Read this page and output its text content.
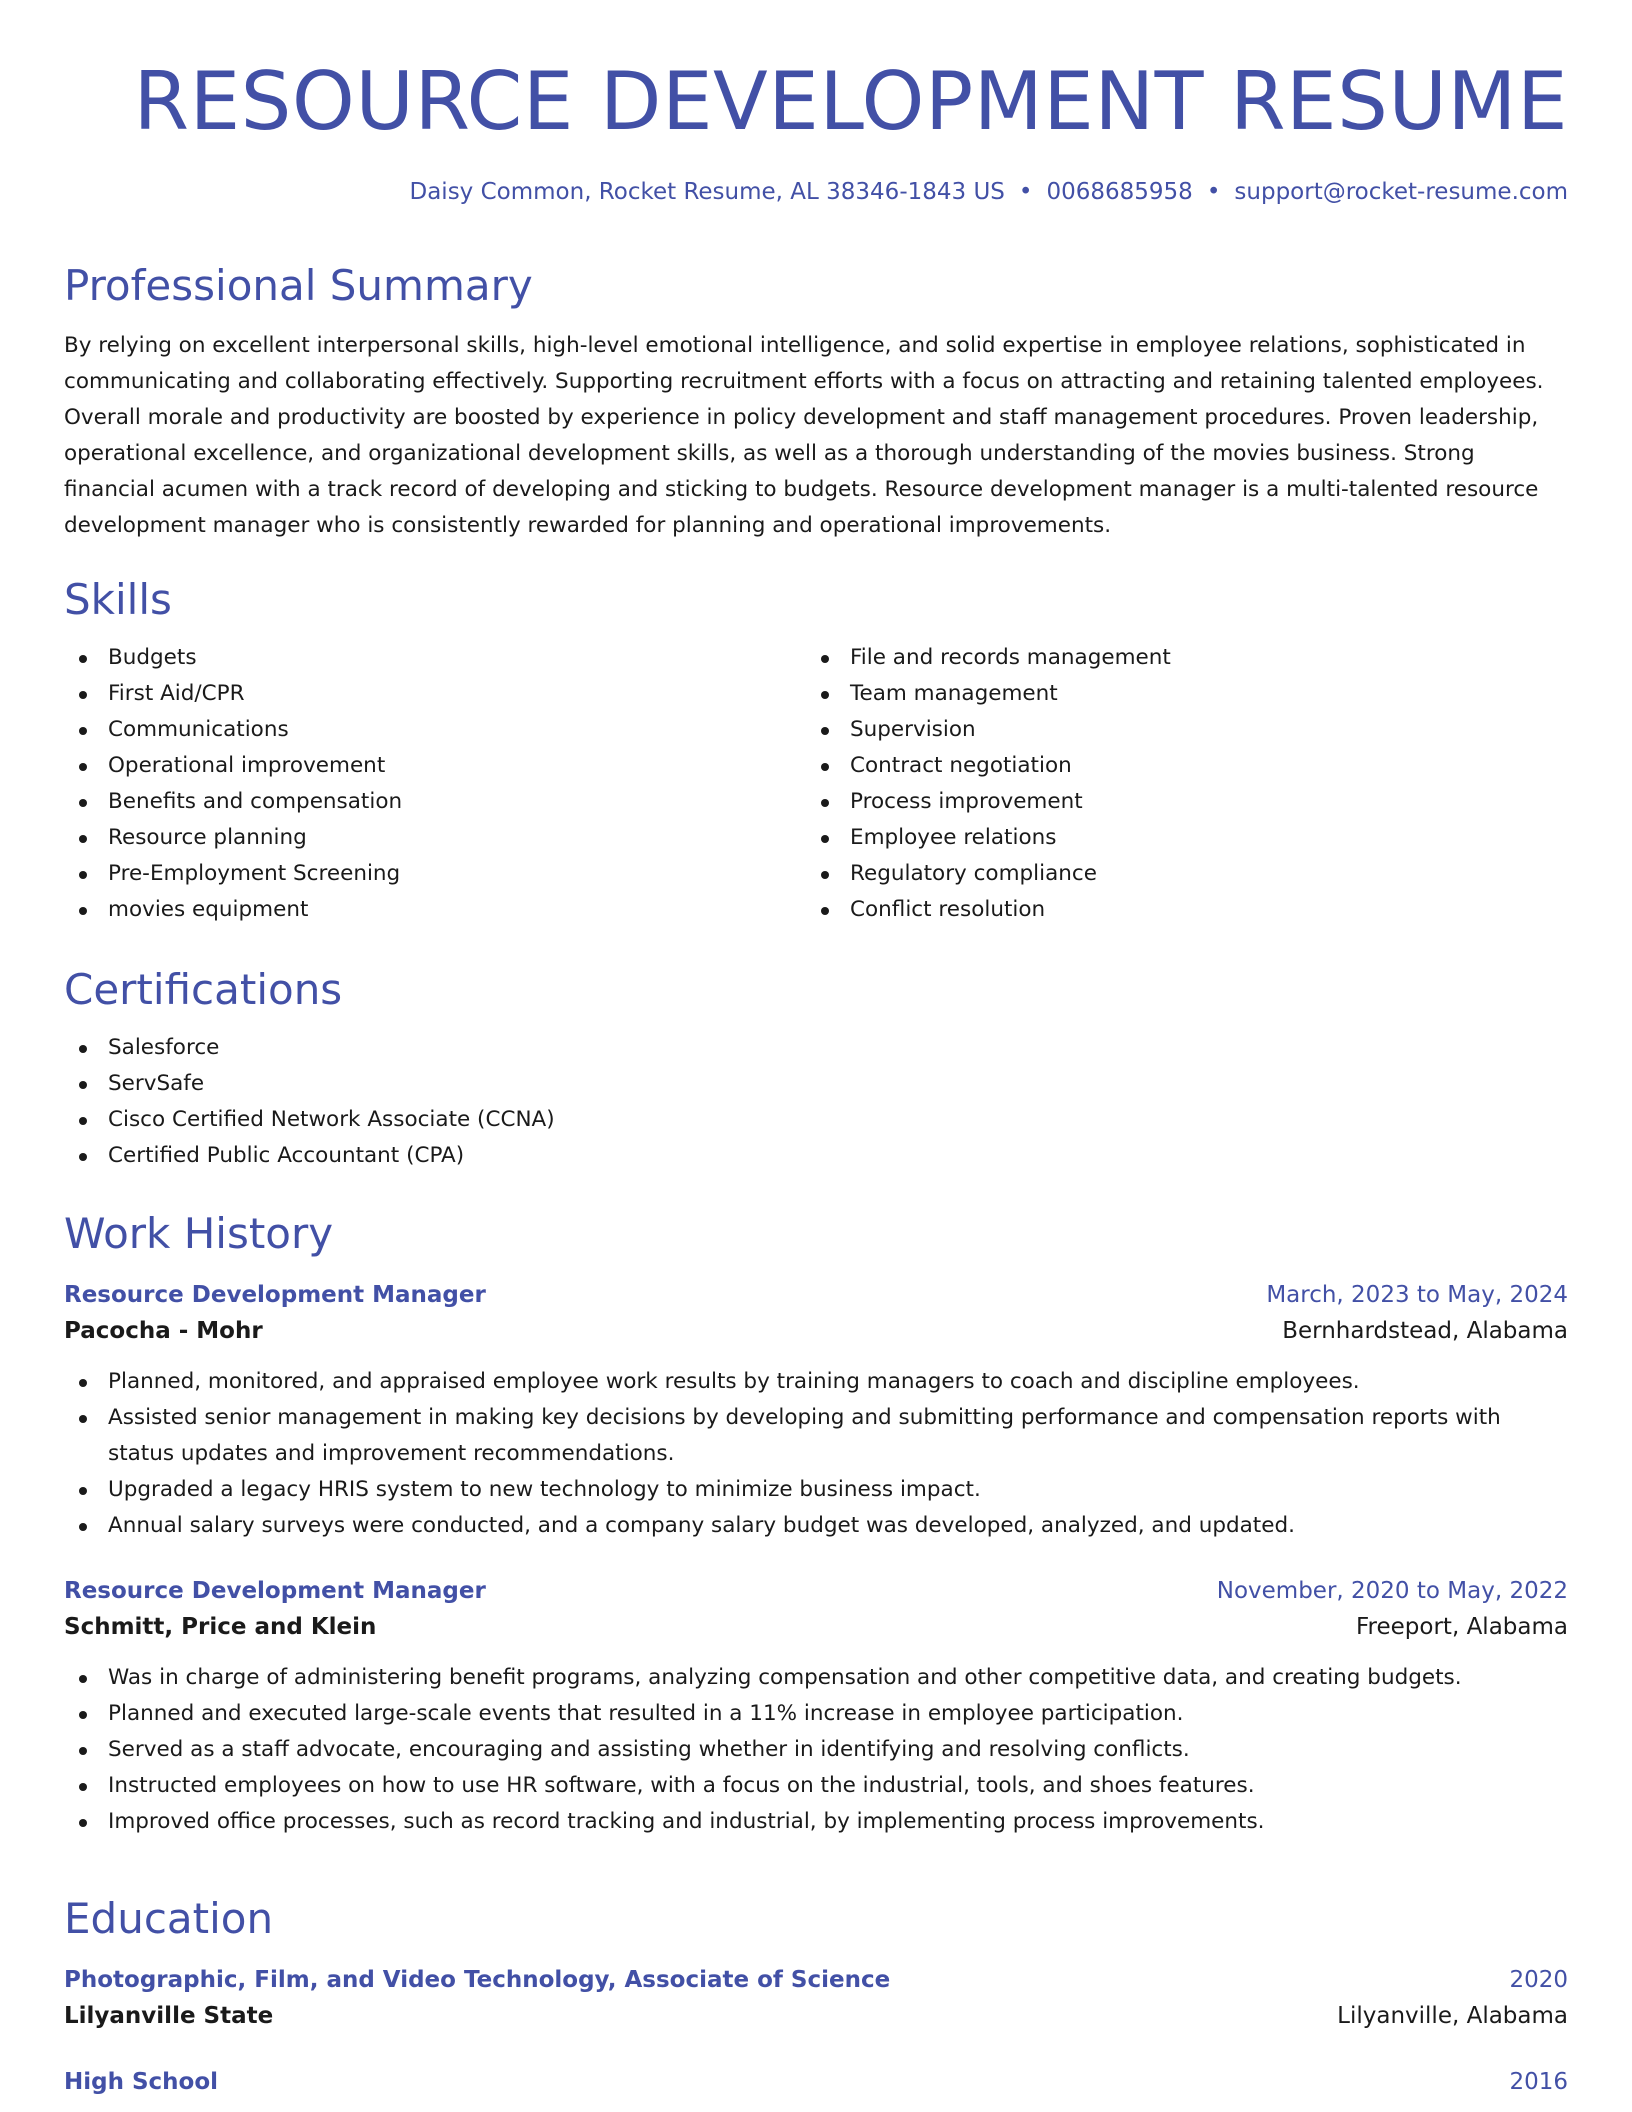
RESOURCE DEVELOPMENT RESUME
Daisy Common, Rocket Resume, AL 38346-1843 US • 0068685958 • support@rocket-resume.com
Professional Summary

By relying on excellent interpersonal skills, high-level emotional intelligence, and solid expertise in employee relations, sophisticated in communicating and collaborating effectively. Supporting recruitment efforts with a focus on attracting and retaining talented employees. Overall morale and productivity are boosted by experience in policy development and staff management procedures. Proven leadership, operational excellence, and organizational development skills, as well as a thorough understanding of the movies business. Strong financial acumen with a track record of developing and sticking to budgets. Resource development manager is a multi-talented resource development manager who is consistently rewarded for planning and operational improvements.

Skills
Budgets
First Aid/CPR
Communications
Operational improvement
Benefits and compensation
Resource planning
Pre-Employment Screening
movies equipment
File and records management
Team management
Supervision
Contract negotiation
Process improvement
Employee relations
Regulatory compliance
Conflict resolution
Certifications
Salesforce
ServSafe
Cisco Certified Network Associate (CCNA)
Certified Public Accountant (CPA)
Work History
Resource Development Manager	March, 2023 to May, 2024
Pacocha - Mohr	Bernhardstead, Alabama
Planned, monitored, and appraised employee work results by training managers to coach and discipline employees.
Assisted senior management in making key decisions by developing and submitting performance and compensation reports with status updates and improvement recommendations.
Upgraded a legacy HRIS system to new technology to minimize business impact.
Annual salary surveys were conducted, and a company salary budget was developed, analyzed, and updated.
Resource Development Manager	November, 2020 to May, 2022
Schmitt, Price and Klein	Freeport, Alabama
Was in charge of administering benefit programs, analyzing compensation and other competitive data, and creating budgets.
Planned and executed large-scale events that resulted in a 11% increase in employee participation.
Served as a staff advocate, encouraging and assisting whether in identifying and resolving conflicts.
Instructed employees on how to use HR software, with a focus on the industrial, tools, and shoes features.
Improved office processes, such as record tracking and industrial, by implementing process improvements.
Education
Photographic, Film, and Video Technology, Associate of Science	2020
Lilyanville State	Lilyanville, Alabama
High School	2016
